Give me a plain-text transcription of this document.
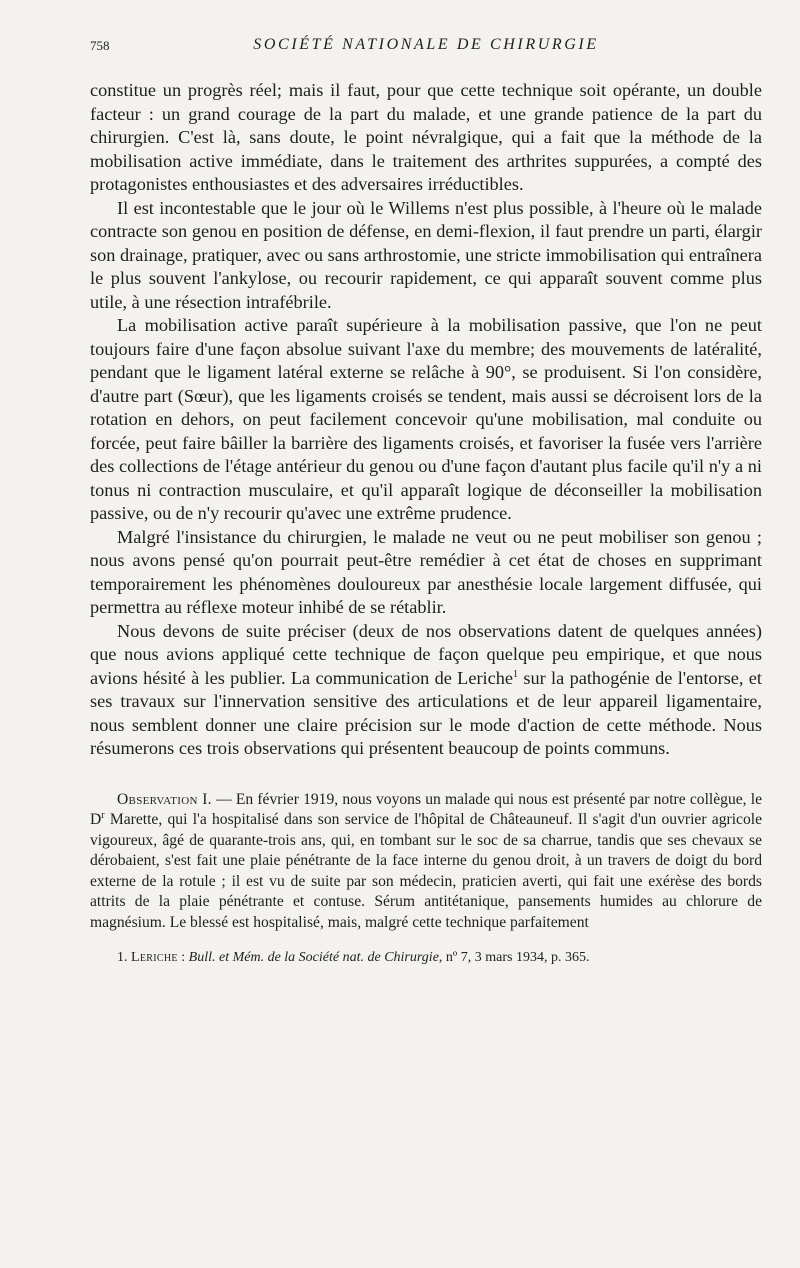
758	SOCIÉTÉ NATIONALE DE CHIRURGIE

constitue un progrès réel; mais il faut, pour que cette technique soit opérante, un double facteur : un grand courage de la part du malade, et une grande patience de la part du chirurgien. C'est là, sans doute, le point névralgique, qui a fait que la méthode de la mobilisation active immédiate, dans le traitement des arthrites suppurées, a compté des protagonistes enthousiastes et des adversaires irréductibles.

Il est incontestable que le jour où le Willems n'est plus possible, à l'heure où le malade contracte son genou en position de défense, en demi-flexion, il faut prendre un parti, élargir son drainage, pratiquer, avec ou sans arthrostomie, une stricte immobilisation qui entraînera le plus souvent l'ankylose, ou recourir rapidement, ce qui apparaît souvent comme plus utile, à une résection intrafébrile.

La mobilisation active paraît supérieure à la mobilisation passive, que l'on ne peut toujours faire d'une façon absolue suivant l'axe du membre; des mouvements de latéralité, pendant que le ligament latéral externe se relâche à 90°, se produisent. Si l'on considère, d'autre part (Sœur), que les ligaments croisés se tendent, mais aussi se décroisent lors de la rotation en dehors, on peut facilement concevoir qu'une mobilisation, mal conduite ou forcée, peut faire bâiller la barrière des ligaments croisés, et favoriser la fusée vers l'arrière des collections de l'étage antérieur du genou ou d'une façon d'autant plus facile qu'il n'y a ni tonus ni contraction musculaire, et qu'il apparaît logique de déconseiller la mobilisation passive, ou de n'y recourir qu'avec une extrême prudence.

Malgré l'insistance du chirurgien, le malade ne veut ou ne peut mobiliser son genou ; nous avons pensé qu'on pourrait peut-être remédier à cet état de choses en supprimant temporairement les phénomènes douloureux par anesthésie locale largement diffusée, qui permettra au réflexe moteur inhibé de se rétablir.

Nous devons de suite préciser (deux de nos observations datent de quelques années) que nous avions appliqué cette technique de façon quelque peu empirique, et que nous avions hésité à les publier. La communication de Leriche$^1$ sur la pathogénie de l'entorse, et ses travaux sur l'innervation sensitive des articulations et de leur appareil ligamentaire, nous semblent donner une claire précision sur le mode d'action de cette méthode. Nous résumerons ces trois observations qui présentent beaucoup de points communs.

Observation I. — En février 1919, nous voyons un malade qui nous est présenté par notre collègue, le $D^r$ Marette, qui l'a hospitalisé dans son service de l'hôpital de Châteauneuf. Il s'agit d'un ouvrier agricole vigoureux, âgé de quarante-trois ans, qui, en tombant sur le soc de sa charrue, tandis que ses chevaux se dérobaient, s'est fait une plaie pénétrante de la face interne du genou droit, à un travers de doigt du bord externe de la rotule ; il est vu de suite par son médecin, praticien averti, qui fait une exérèse des bords attrits de la plaie pénétrante et contuse. Sérum antitétanique, pansements humides au chlorure de magnésium. Le blessé est hospitalisé, mais, malgré cette technique parfaitement

1. Leriche : Bull. et Mém. de la Société nat. de Chirurgie, nº 7, 3 mars 1934, p. 365.
